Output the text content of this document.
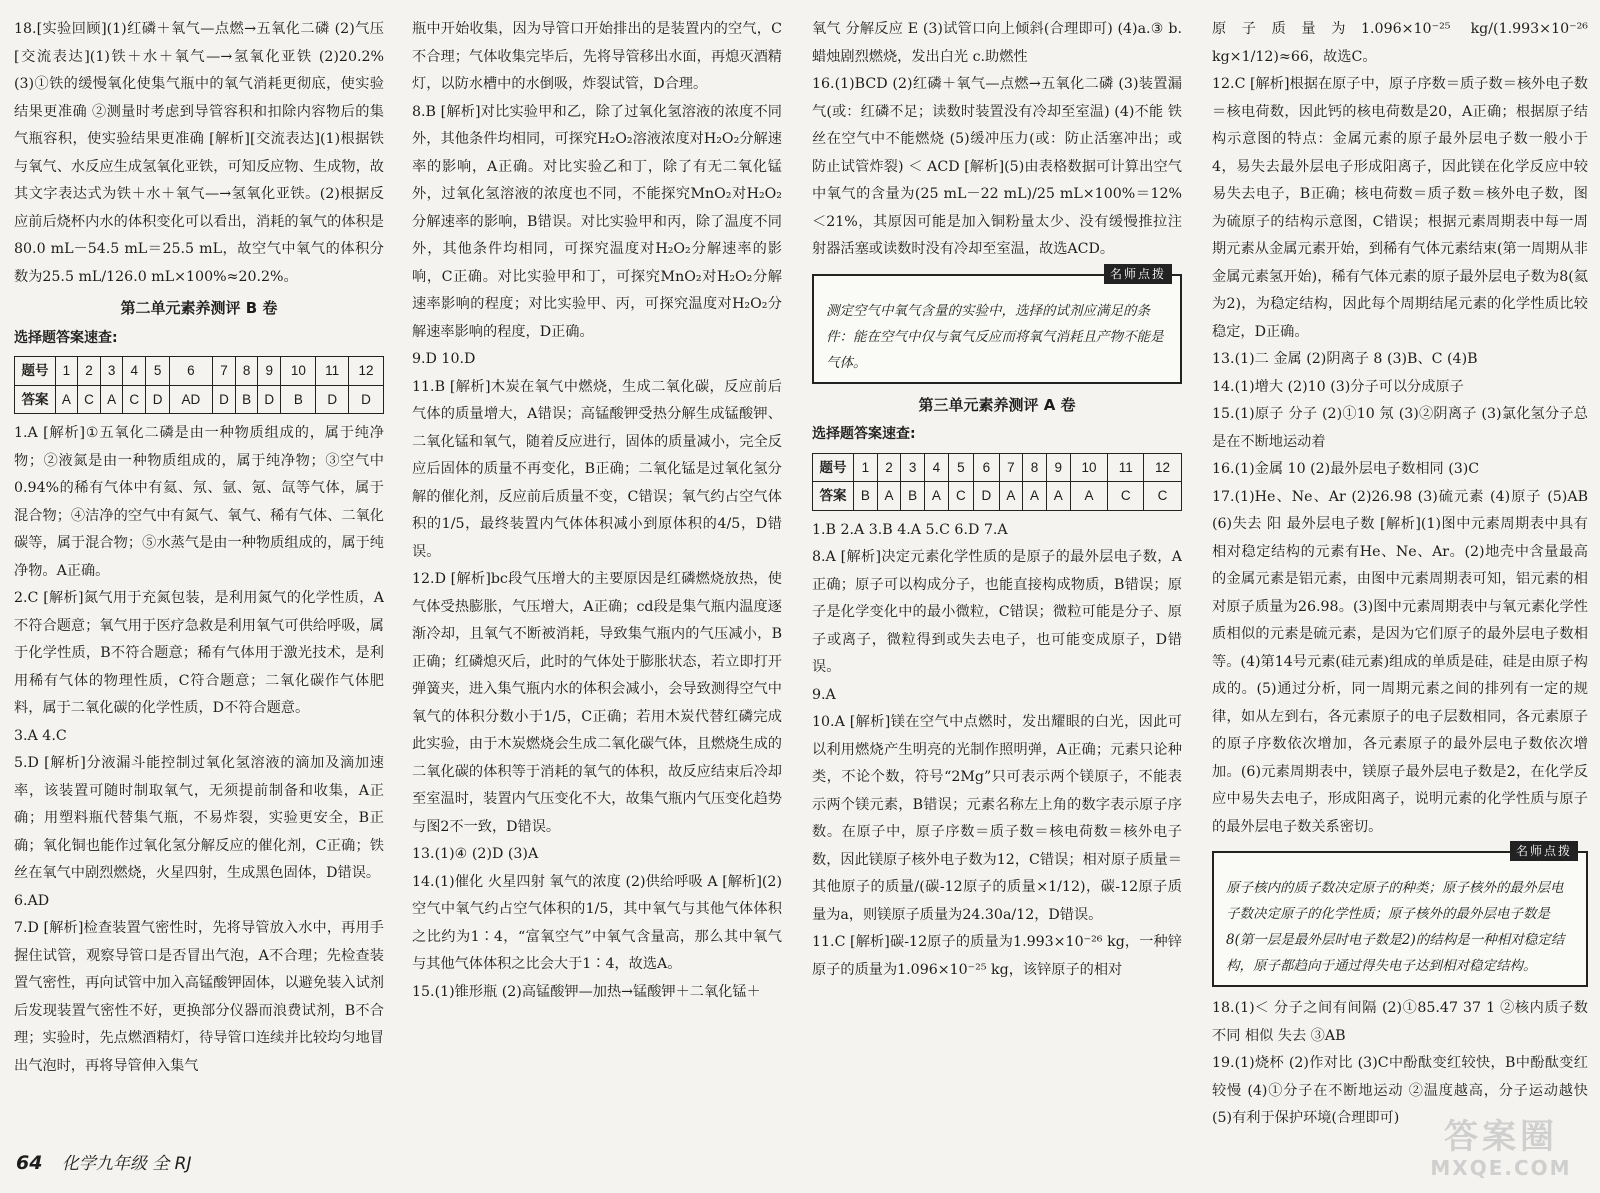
18.[实验回顾](1)红磷＋氧气—点燃→五氧化二磷 (2)气压 [交流表达](1)铁＋水＋氧气—→氢氧化亚铁 (2)20.2% (3)①铁的缓慢氧化使集气瓶中的氧气消耗更彻底，使实验结果更准确 ②测量时考虑到导管容积和扣除内容物后的集气瓶容积，使实验结果更准确 [解析][交流表达](1)根据铁与氧气、水反应生成氢氧化亚铁，可知反应物、生成物，故其文字表达式为铁＋水＋氧气—→氢氧化亚铁。(2)根据反应前后烧杯内水的体积变化可以看出，消耗的氧气的体积是80.0 mL－54.5 mL＝25.5 mL，故空气中氧气的体积分数为25.5 mL/126.0 mL×100%≈20.2%。

第二单元素养测评 B 卷
选择题答案速查:
题号	1	2	3	4	5	6	7	8	9	10	11	12
答案	A	C	A	C	D	AD	D	B	D	B	D	D

1.A [解析]①五氧化二磷是由一种物质组成的，属于纯净物；②液氮是由一种物质组成的，属于纯净物；③空气中0.94%的稀有气体中有氦、氖、氩、氪、氙等气体，属于混合物；④洁净的空气中有氮气、氧气、稀有气体、二氧化碳等，属于混合物；⑤水蒸气是由一种物质组成的，属于纯净物。A正确。

2.C [解析]氮气用于充氮包装，是利用氮气的化学性质，A不符合题意；氧气用于医疗急救是利用氧气可供给呼吸，属于化学性质，B不符合题意；稀有气体用于激光技术，是利用稀有气体的物理性质，C符合题意；二氧化碳作气体肥料，属于二氧化碳的化学性质，D不符合题意。

3.A 4.C

5.D [解析]分液漏斗能控制过氧化氢溶液的滴加及滴加速率，该装置可随时制取氧气，无须提前制备和收集，A正确；用塑料瓶代替集气瓶，不易炸裂，实验更安全，B正确；氧化铜也能作过氧化氢分解反应的催化剂，C正确；铁丝在氧气中剧烈燃烧，火星四射，生成黑色固体，D错误。

6.AD

7.D [解析]检查装置气密性时，先将导管放入水中，再用手握住试管，观察导管口是否冒出气泡，A不合理；先检查装置气密性，再向试管中加入高锰酸钾固体，以避免装入试剂后发现装置气密性不好，更换部分仪器而浪费试剂，B不合理；实验时，先点燃酒精灯，待导管口连续并比较均匀地冒出气泡时，再将导管伸入集气

瓶中开始收集，因为导管口开始排出的是装置内的空气，C不合理；气体收集完毕后，先将导管移出水面，再熄灭酒精灯，以防水槽中的水倒吸，炸裂试管，D合理。

8.B [解析]对比实验甲和乙，除了过氧化氢溶液的浓度不同外，其他条件均相同，可探究H₂O₂溶液浓度对H₂O₂分解速率的影响，A正确。对比实验乙和丁，除了有无二氧化锰外，过氧化氢溶液的浓度也不同，不能探究MnO₂对H₂O₂分解速率的影响，B错误。对比实验甲和丙，除了温度不同外，其他条件均相同，可探究温度对H₂O₂分解速率的影响，C正确。对比实验甲和丁，可探究MnO₂对H₂O₂分解速率影响的程度；对比实验甲、丙，可探究温度对H₂O₂分解速率影响的程度，D正确。

9.D 10.D

11.B [解析]木炭在氧气中燃烧，生成二氧化碳，反应前后气体的质量增大，A错误；高锰酸钾受热分解生成锰酸钾、二氧化锰和氧气，随着反应进行，固体的质量减小，完全反应后固体的质量不再变化，B正确；二氧化锰是过氧化氢分解的催化剂，反应前后质量不变，C错误；氧气约占空气体积的1/5，最终装置内气体体积减小到原体积的4/5，D错误。

12.D [解析]bc段气压增大的主要原因是红磷燃烧放热，使气体受热膨胀，气压增大，A正确；cd段是集气瓶内温度逐渐冷却，且氧气不断被消耗，导致集气瓶内的气压减小，B正确；红磷熄灭后，此时的气体处于膨胀状态，若立即打开弹簧夹，进入集气瓶内水的体积会减小，会导致测得空气中氧气的体积分数小于1/5，C正确；若用木炭代替红磷完成此实验，由于木炭燃烧会生成二氧化碳气体，且燃烧生成的二氧化碳的体积等于消耗的氧气的体积，故反应结束后冷却至室温时，装置内气压变化不大，故集气瓶内气压变化趋势与图2不一致，D错误。

13.(1)④ (2)D (3)A

14.(1)催化 火星四射 氧气的浓度 (2)供给呼吸 A [解析](2)空气中氧气约占空气体积的1/5，其中氧气与其他气体体积之比约为1∶4，“富氧空气”中氧气含量高，那么其中氧气与其他气体体积之比会大于1∶4，故选A。

15.(1)锥形瓶 (2)高锰酸钾—加热→锰酸钾＋二氧化锰＋

氧气 分解反应 E (3)试管口向上倾斜(合理即可) (4)a.③ b.蜡烛剧烈燃烧，发出白光 c.助燃性

16.(1)BCD (2)红磷＋氧气—点燃→五氧化二磷 (3)装置漏气(或：红磷不足；读数时装置没有冷却至室温) (4)不能 铁丝在空气中不能燃烧 (5)缓冲压力(或：防止活塞冲出；或防止试管炸裂) ＜ ACD [解析](5)由表格数据可计算出空气中氧气的含量为(25 mL－22 mL)/25 mL×100%＝12%＜21%，其原因可能是加入铜粉量太少、没有缓慢推拉注射器活塞或读数时没有冷却至室温，故选ACD。

名师点拨
测定空气中氧气含量的实验中，选择的试剂应满足的条件：能在空气中仅与氧气反应而将氧气消耗且产物不能是气体。
第三单元素养测评 A 卷
选择题答案速查:
题号	1	2	3	4	5	6	7	8	9	10	11	12
答案	B	A	B	A	C	D	A	A	A	A	C	C

1.B 2.A 3.B 4.A 5.C 6.D 7.A

8.A [解析]决定元素化学性质的是原子的最外层电子数，A正确；原子可以构成分子，也能直接构成物质，B错误；原子是化学变化中的最小微粒，C错误；微粒可能是分子、原子或离子，微粒得到或失去电子，也可能变成原子，D错误。

9.A

10.A [解析]镁在空气中点燃时，发出耀眼的白光，因此可以利用燃烧产生明亮的光制作照明弹，A正确；元素只论种类，不论个数，符号“2Mg”只可表示两个镁原子，不能表示两个镁元素，B错误；元素名称左上角的数字表示原子序数。在原子中，原子序数＝质子数＝核电荷数＝核外电子数，因此镁原子核外电子数为12，C错误；相对原子质量＝其他原子的质量/(碳-12原子的质量×1/12)，碳-12原子质量为a，则镁原子质量为24.30a/12，D错误。

11.C [解析]碳-12原子的质量为1.993×10⁻²⁶ kg，一种锌原子的质量为1.096×10⁻²⁵ kg，该锌原子的相对

原子质量为1.096×10⁻²⁵ kg/(1.993×10⁻²⁶ kg×1/12)≈66，故选C。

12.C [解析]根据在原子中，原子序数＝质子数＝核外电子数＝核电荷数，因此钙的核电荷数是20，A正确；根据原子结构示意图的特点：金属元素的原子最外层电子数一般小于4，易失去最外层电子形成阳离子，因此镁在化学反应中较易失去电子，B正确；核电荷数＝质子数＝核外电子数，图为硫原子的结构示意图，C错误；根据元素周期表中每一周期元素从金属元素开始，到稀有气体元素结束(第一周期从非金属元素氢开始)，稀有气体元素的原子最外层电子数为8(氦为2)，为稳定结构，因此每个周期结尾元素的化学性质比较稳定，D正确。

13.(1)二 金属 (2)阴离子 8 (3)B、C (4)B

14.(1)增大 (2)10 (3)分子可以分成原子

15.(1)原子 分子 (2)①10 氖 (3)②阴离子 (3)氯化氢分子总是在不断地运动着

16.(1)金属 10 (2)最外层电子数相同 (3)C

17.(1)He、Ne、Ar (2)26.98 (3)硫元素 (4)原子 (5)AB (6)失去 阳 最外层电子数 [解析](1)图中元素周期表中具有相对稳定结构的元素有He、Ne、Ar。(2)地壳中含量最高的金属元素是铝元素，由图中元素周期表可知，铝元素的相对原子质量为26.98。(3)图中元素周期表中与氧元素化学性质相似的元素是硫元素，是因为它们原子的最外层电子数相等。(4)第14号元素(硅元素)组成的单质是硅，硅是由原子构成的。(5)通过分析，同一周期元素之间的排列有一定的规律，如从左到右，各元素原子的电子层数相同，各元素原子的原子序数依次增加，各元素原子的最外层电子数依次增加。(6)元素周期表中，镁原子最外层电子数是2，在化学反应中易失去电子，形成阳离子，说明元素的化学性质与原子的最外层电子数关系密切。

名师点拨
原子核内的质子数决定原子的种类；原子核外的最外层电子数决定原子的化学性质；原子核外的最外层电子数是8(第一层是最外层时电子数是2)的结构是一种相对稳定结构，原子都趋向于通过得失电子达到相对稳定结构。

18.(1)＜ 分子之间有间隔 (2)①85.47 37 1 ②核内质子数不同 相似 失去 ③AB

19.(1)烧杯 (2)作对比 (3)C中酚酞变红较快，B中酚酞变红较慢 (4)①分子在不断地运动 ②温度越高，分子运动越快 (5)有利于保护环境(合理即可)

64 化学九年级 全 RJ
答案圈
MXQE.COM
